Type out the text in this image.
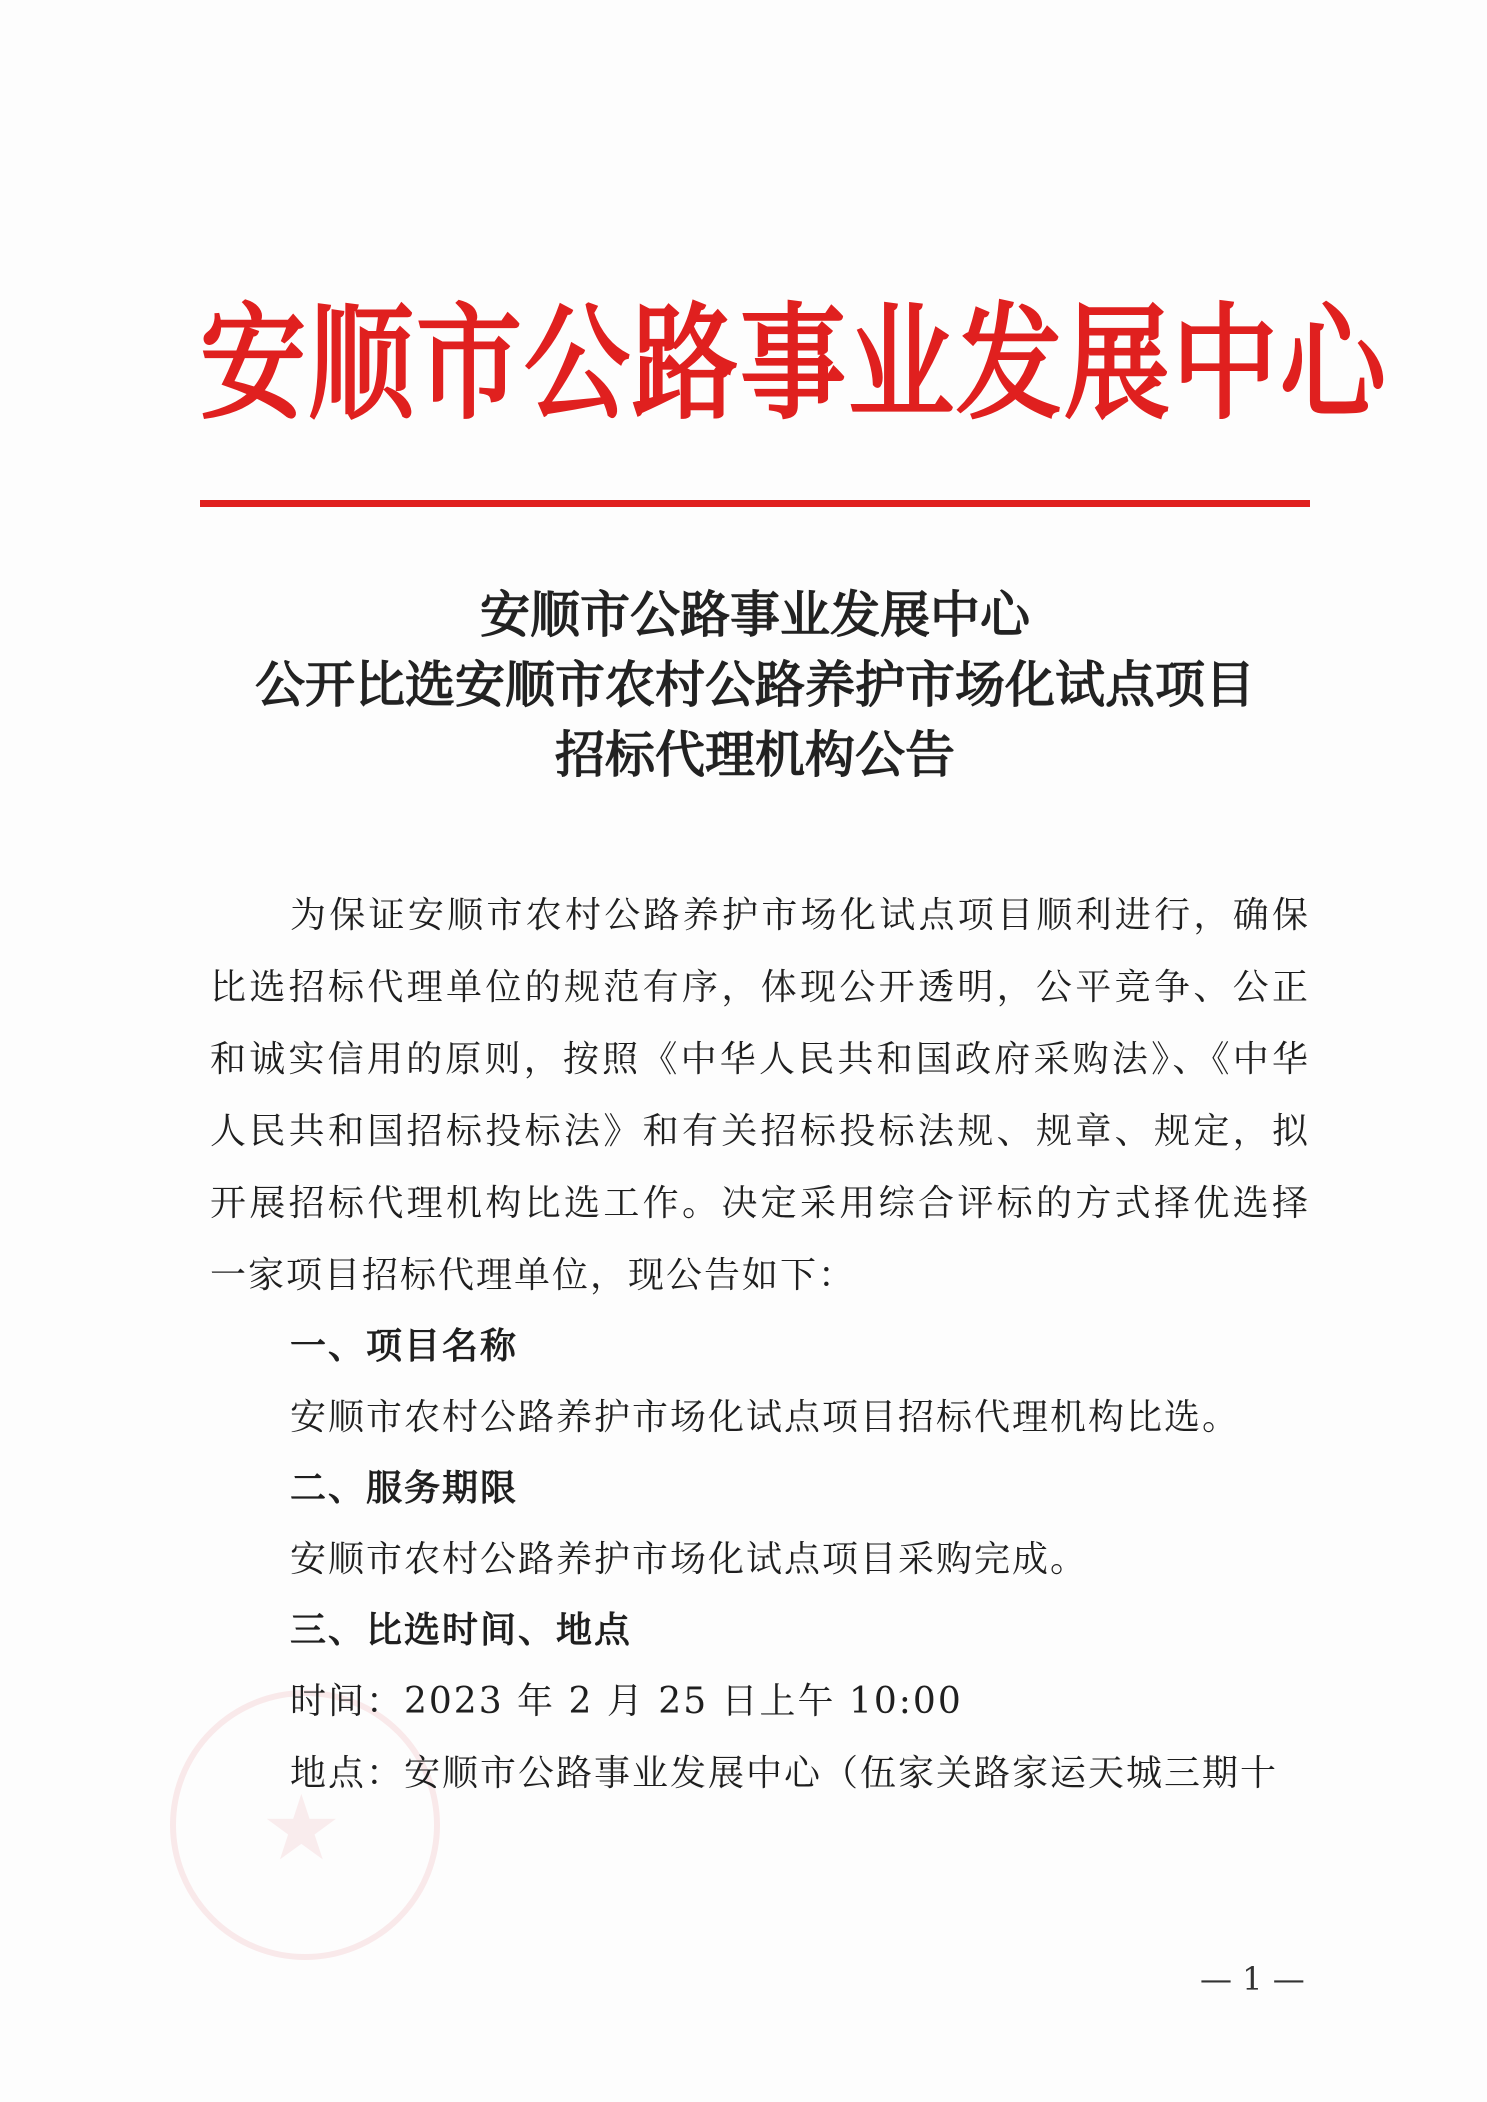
★
安顺市公路事业发展中心
安顺市公路事业发展中心
公开比选安顺市农村公路养护市场化试点项目
招标代理机构公告

为保证安顺市农村公路养护市场化试点项目顺利进行，确保比选招标代理单位的规范有序，体现公开透明，公平竞争、公正和诚实信用的原则，按照《中华人民共和国政府采购法》、《中华人民共和国招标投标法》和有关招标投标法规、规章、规定，拟开展招标代理机构比选工作。决定采用综合评标的方式择优选择一家项目招标代理单位，现公告如下：

一、项目名称

安顺市农村公路养护市场化试点项目招标代理机构比选。

二、服务期限

安顺市农村公路养护市场化试点项目采购完成。

三、比选时间、地点

时间：2023 年 2 月 25 日上午 10:00

地点：安顺市公路事业发展中心（伍家关路家运天城三期十

— 1 —
